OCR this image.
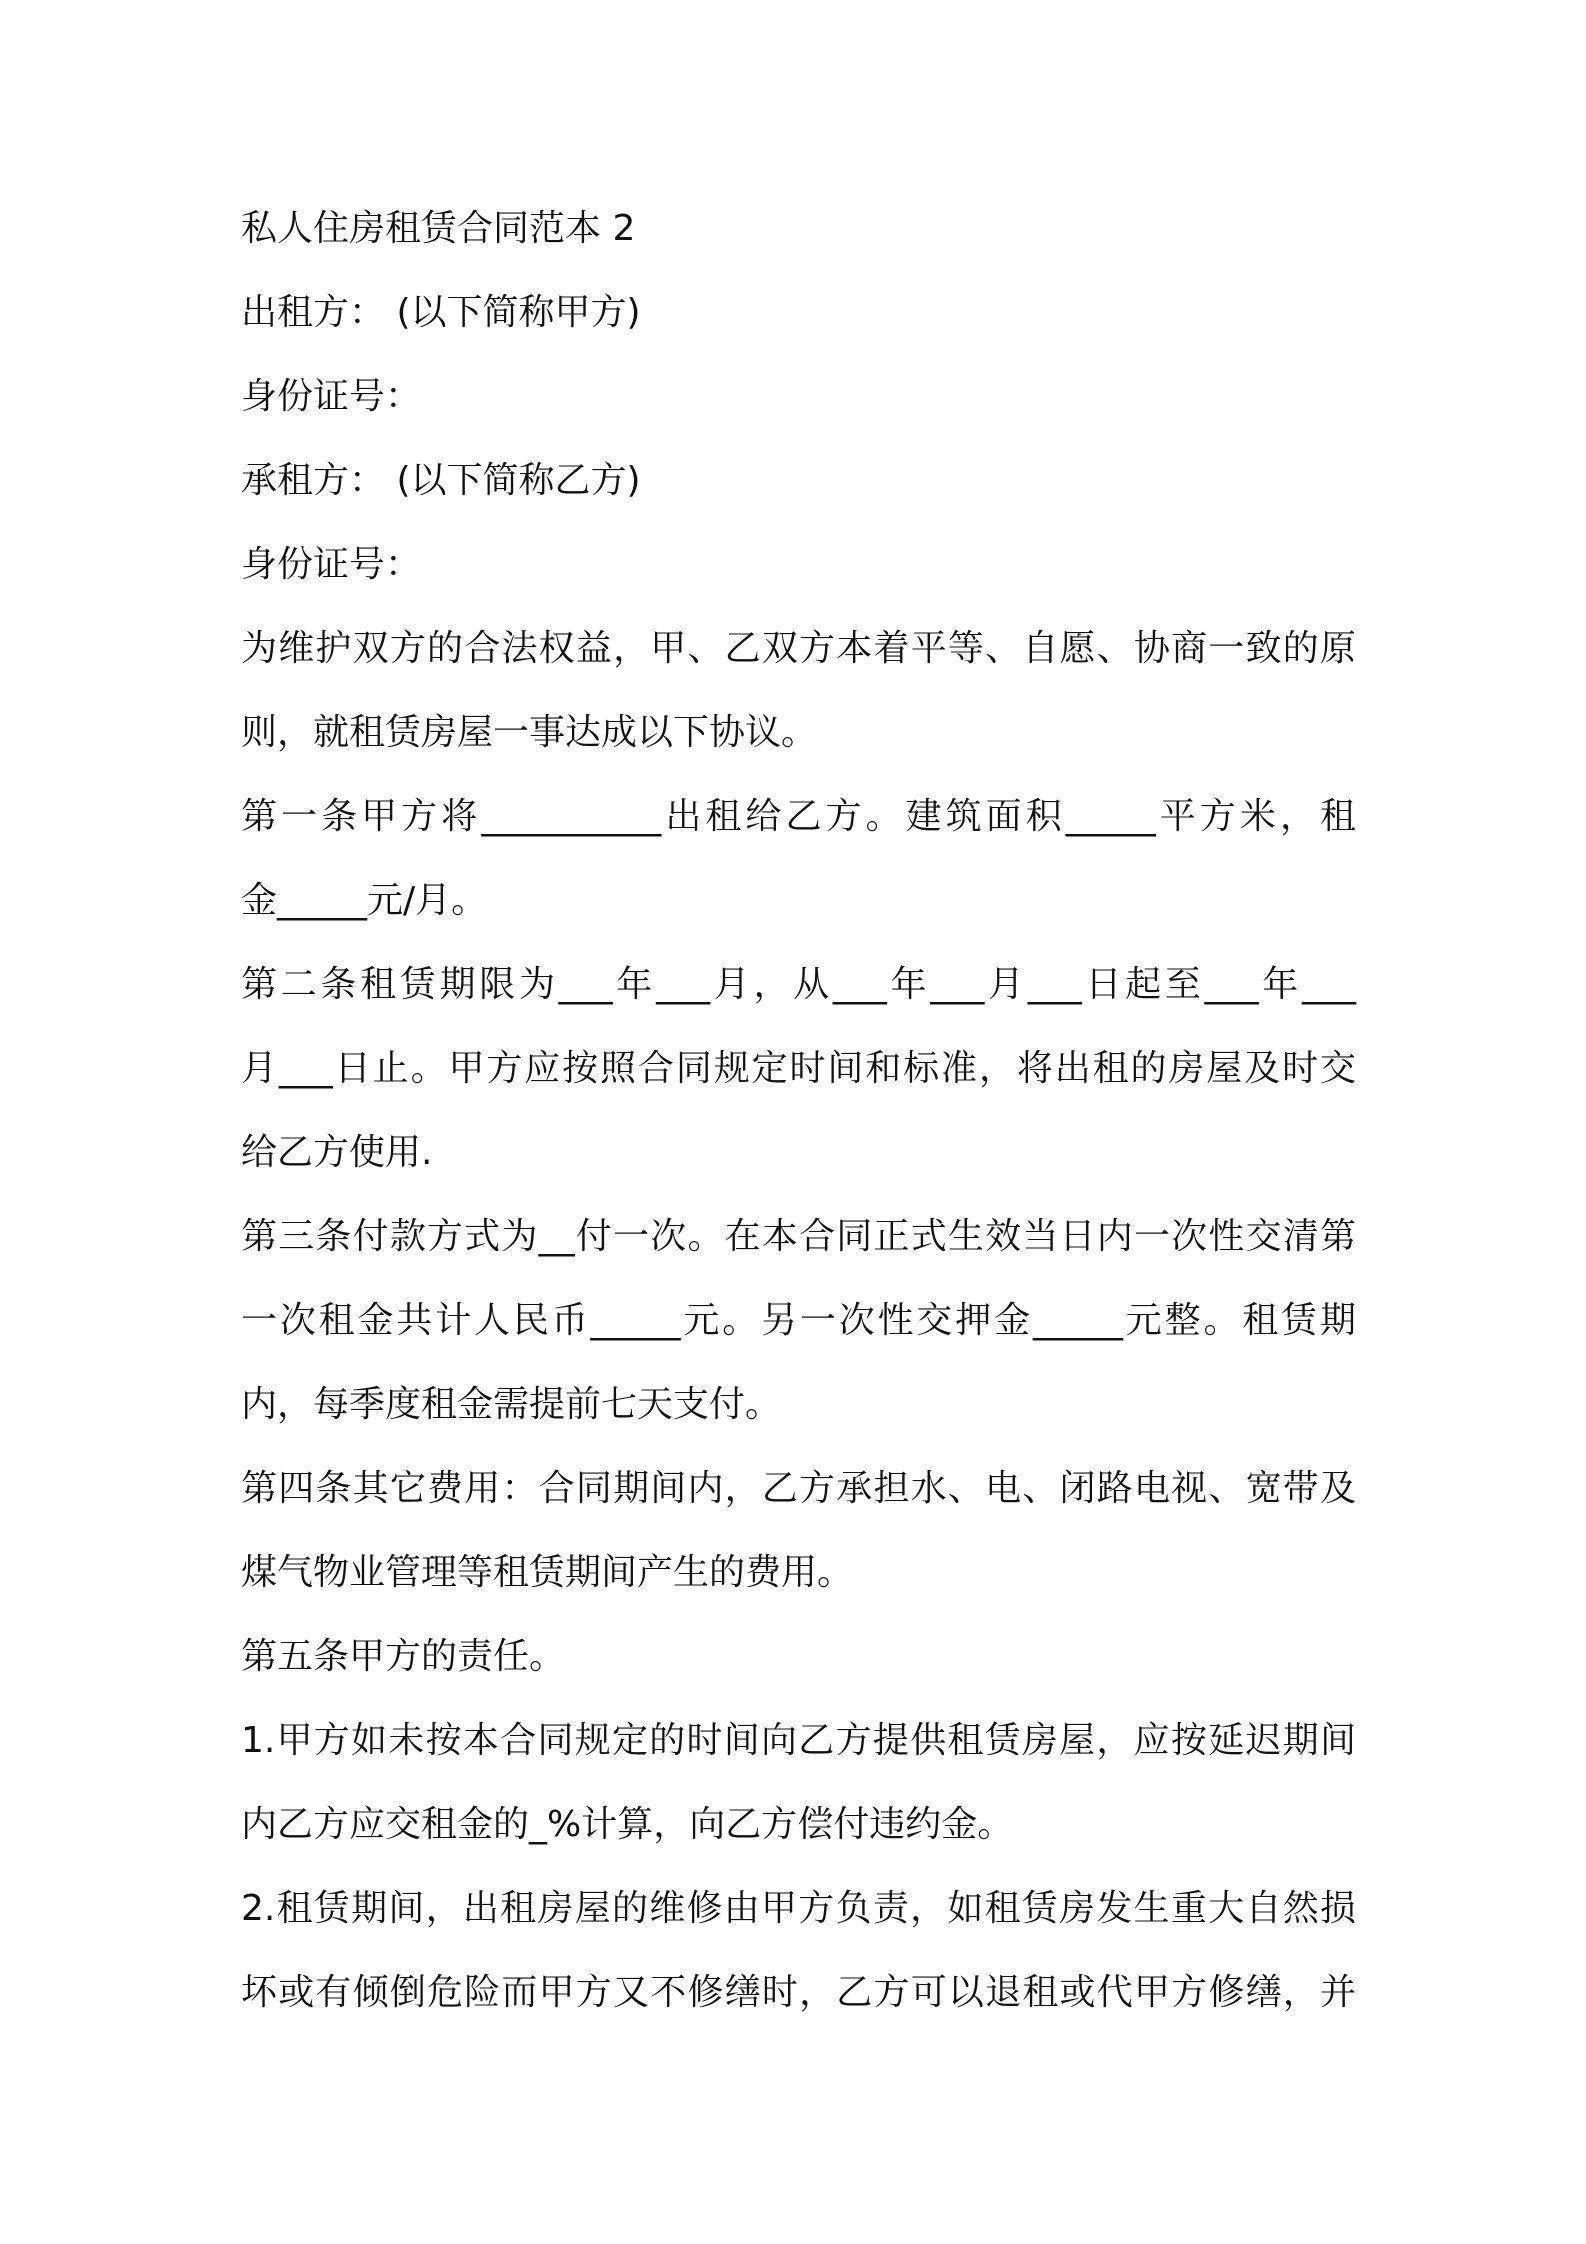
私人住房租赁合同范本 2
出租方： (以下简称甲方)
身份证号：
承租方： (以下简称乙方)
身份证号：
为维护双方的合法权益，甲、乙双方本着平等、自愿、协商一致的原
则，就租赁房屋一事达成以下协议。
第一条甲方将__________出租给乙方。建筑面积_____平方米，租
金_____元/月。
第二条租赁期限为___年___月，从___年___月___日起至___年___
月___日止。甲方应按照合同规定时间和标准，将出租的房屋及时交
给乙方使用.
第三条付款方式为__付一次。在本合同正式生效当日内一次性交清第
一次租金共计人民币_____元。另一次性交押金_____元整。租赁期
内，每季度租金需提前七天支付。
第四条其它费用：合同期间内，乙方承担水、电、闭路电视、宽带及
煤气物业管理等租赁期间产生的费用。
第五条甲方的责任。
1.甲方如未按本合同规定的时间向乙方提供租赁房屋，应按延迟期间
内乙方应交租金的_%计算，向乙方偿付违约金。
2.租赁期间，出租房屋的维修由甲方负责，如租赁房发生重大自然损
坏或有倾倒危险而甲方又不修缮时，乙方可以退租或代甲方修缮，并
